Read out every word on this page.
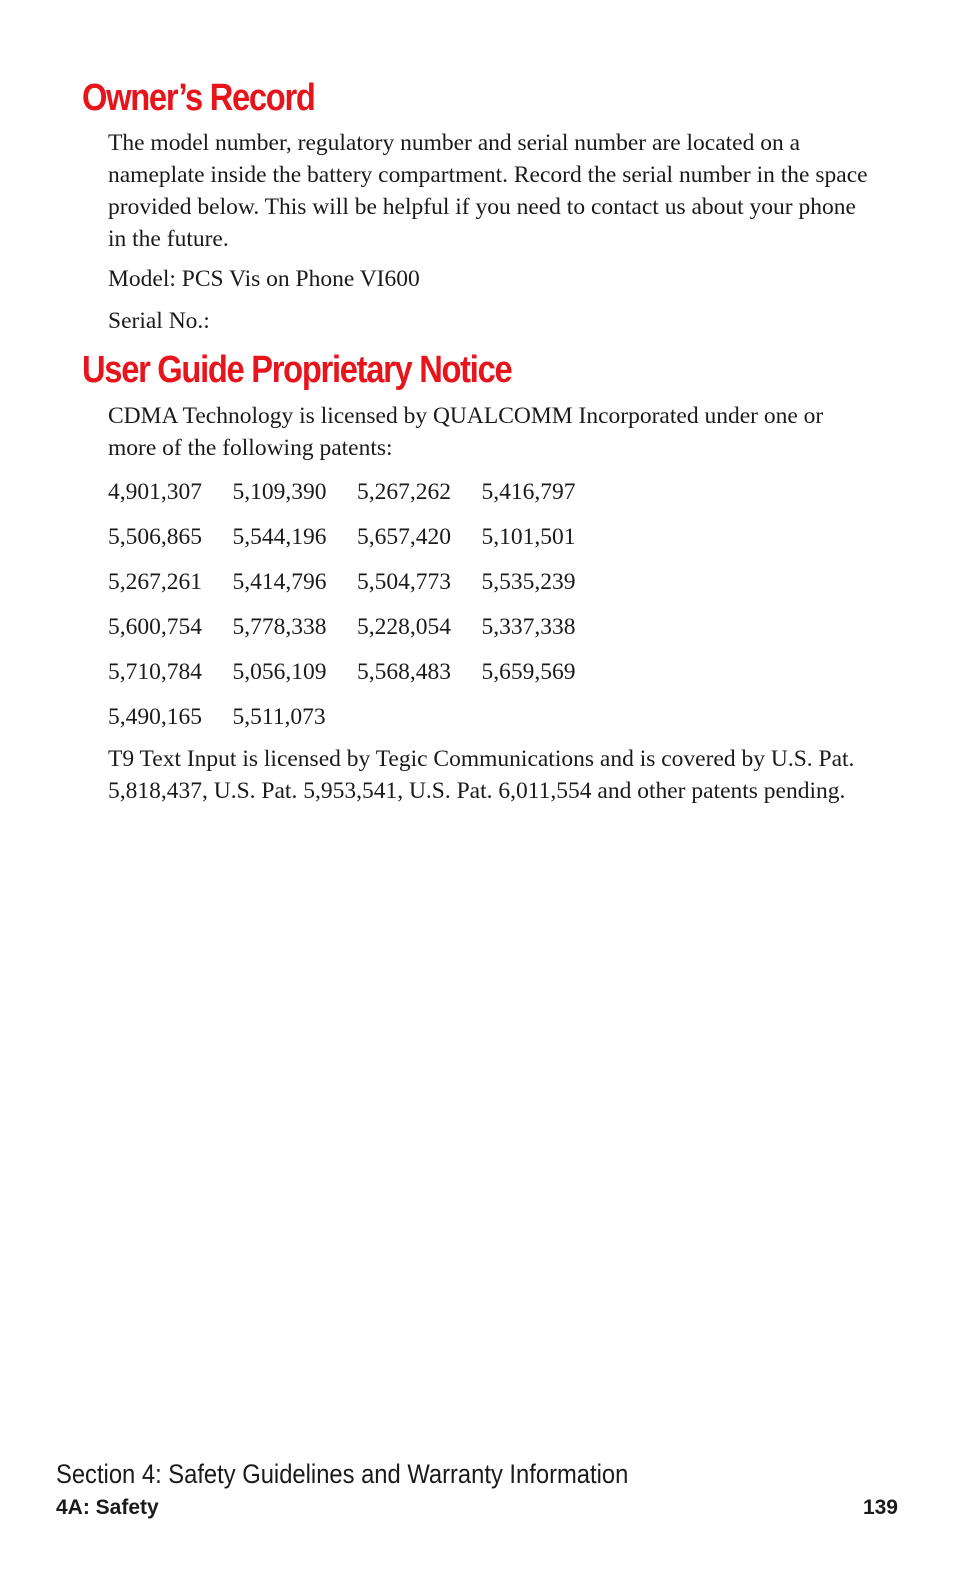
Owner’s Record

The model number, regulatory number and serial number are located on a nameplate inside the battery compartment. Record the serial number in the space provided below. This will be helpful if you need to contact us about your phone in the future.

Model: PCS Vis on Phone VI600

Serial No.:

User Guide Proprietary Notice

CDMA Technology is licensed by QUALCOMM Incorporated under one or more of the following patents:

4,901,307	5,109,390	5,267,262	5,416,797
5,506,865	5,544,196	5,657,420	5,101,501
5,267,261	5,414,796	5,504,773	5,535,239
5,600,754	5,778,338	5,228,054	5,337,338
5,710,784	5,056,109	5,568,483	5,659,569
5,490,165	5,511,073

T9 Text Input is licensed by Tegic Communications and is covered by U.S. Pat. 5,818,437, U.S. Pat. 5,953,541, U.S. Pat. 6,011,554 and other patents pending.

Section 4: Safety Guidelines and Warranty Information
4A: Safety	139
